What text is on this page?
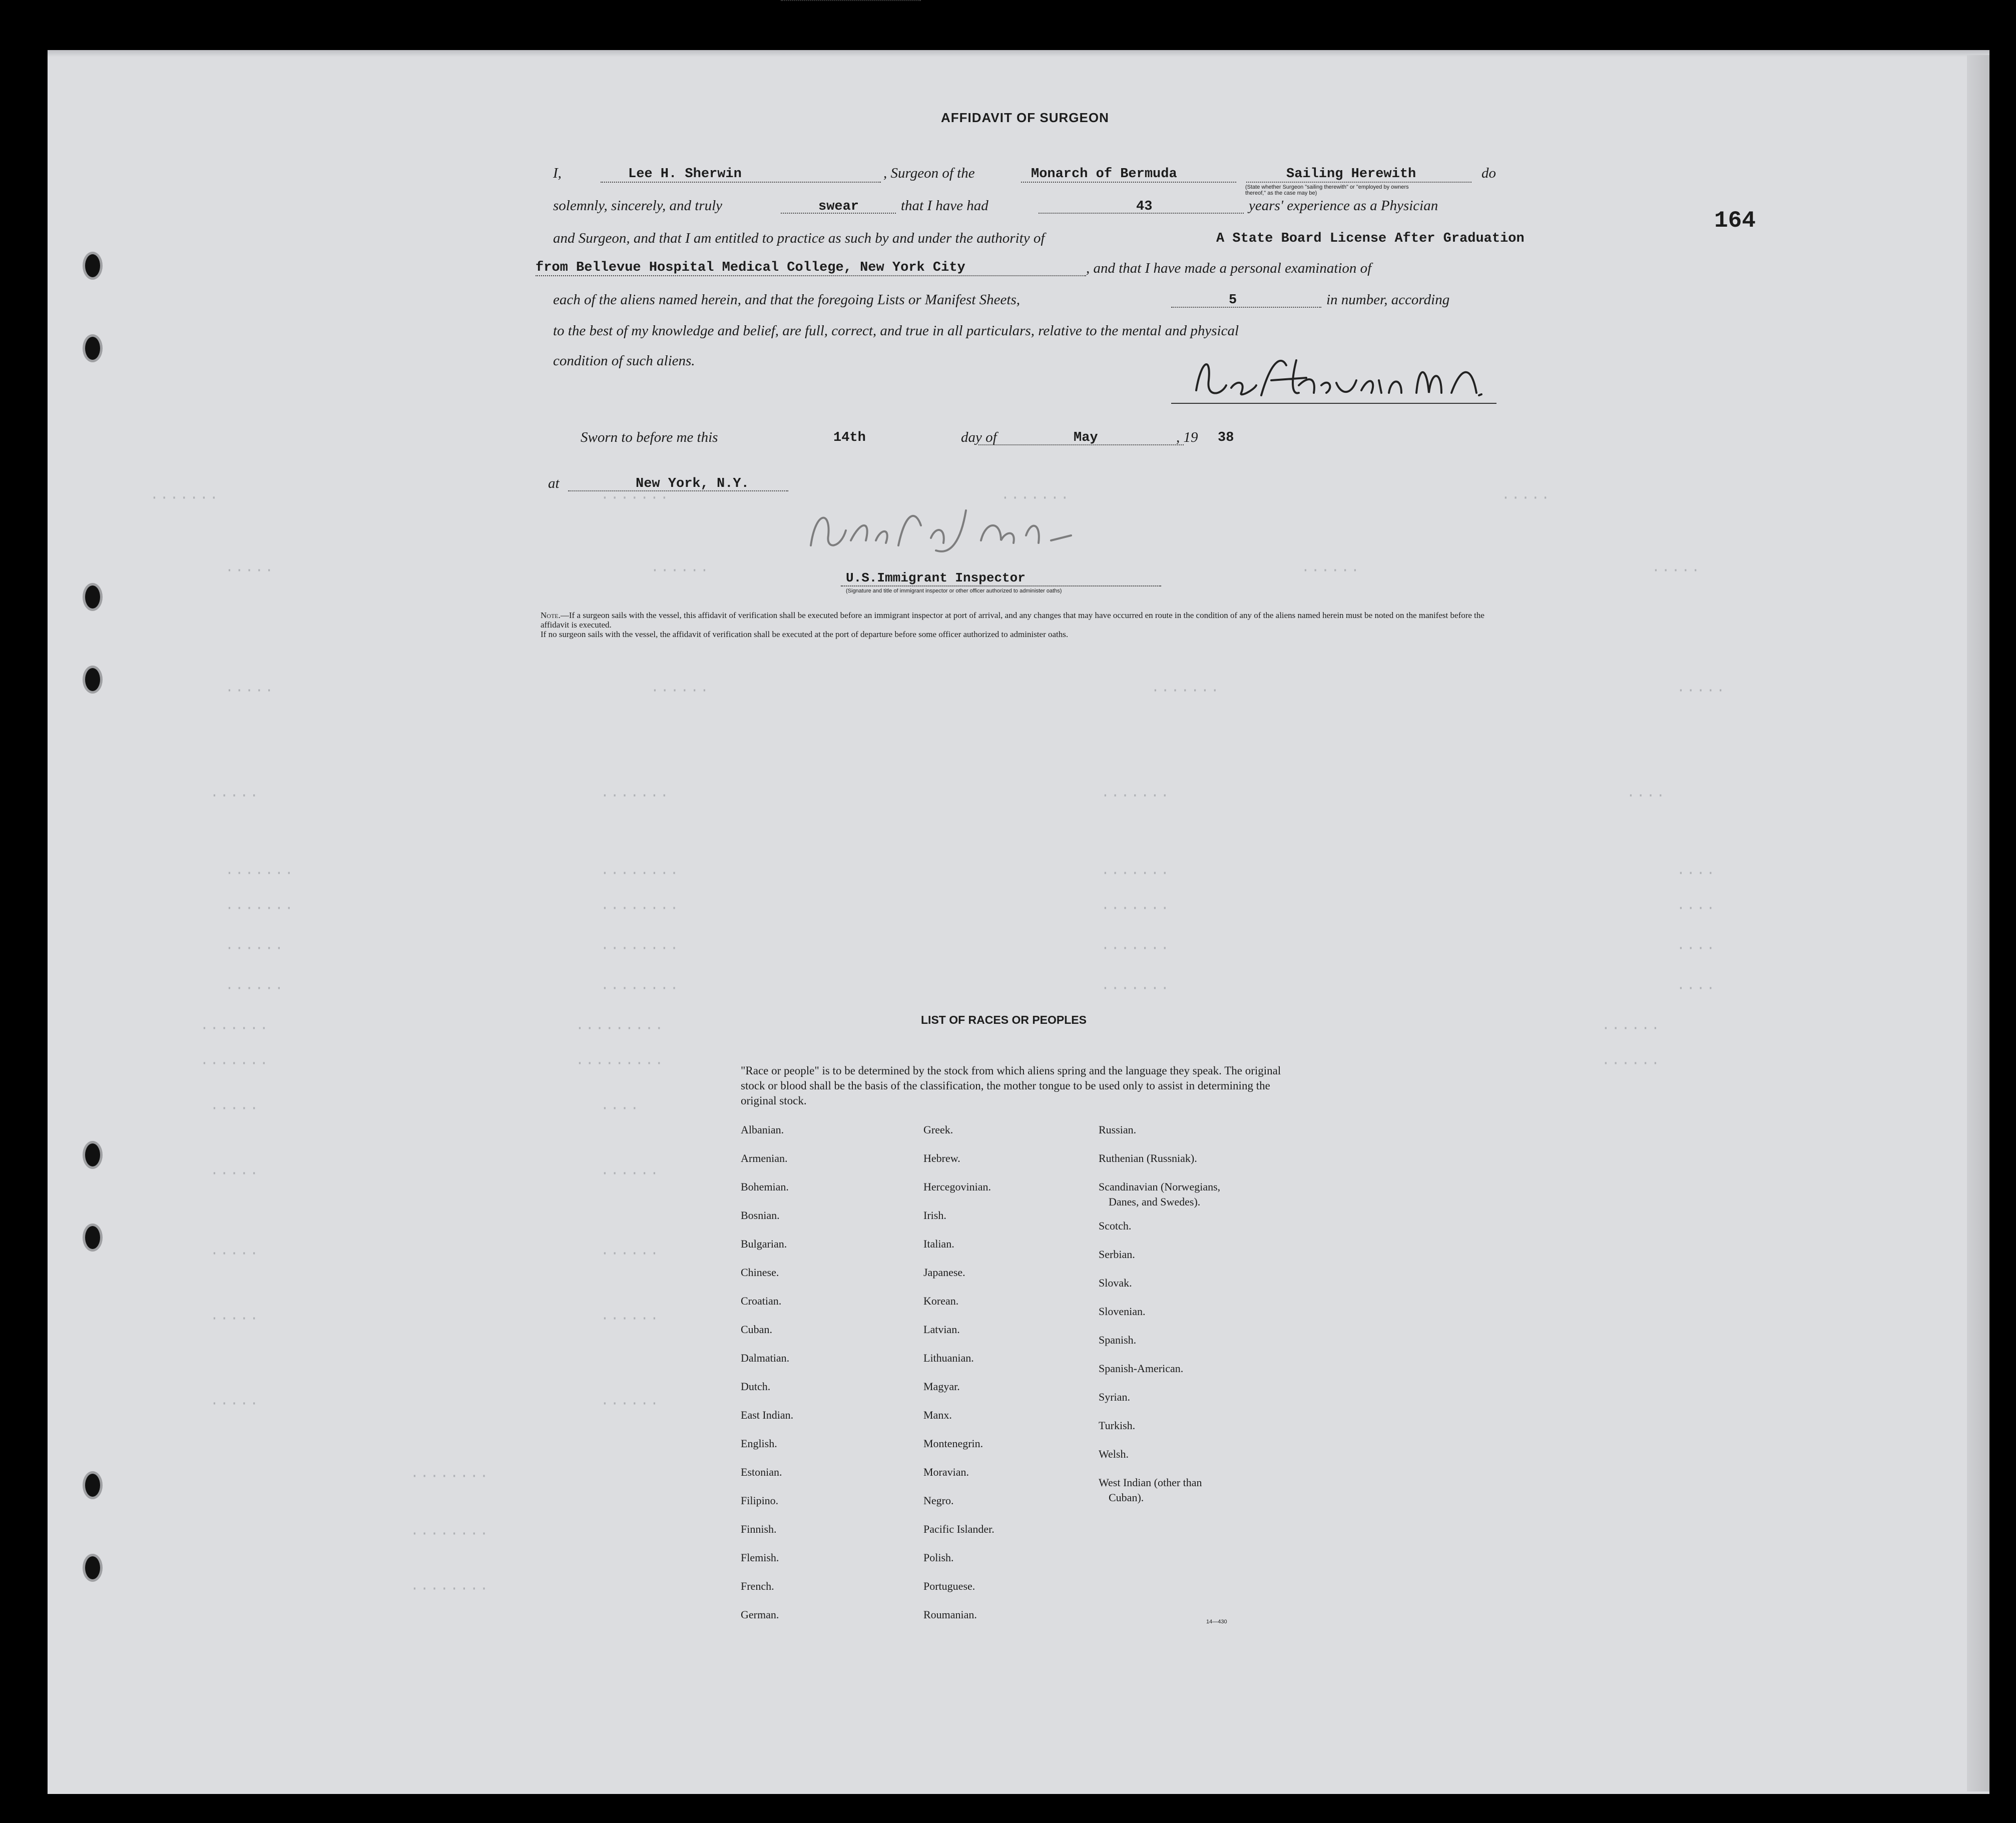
·······	·······	·······	·····
·····	······	······	·····
·····	······	·······	·····
·····	·······	·······	····
·······	········	·······	····
·······	········	·······	····
······	········	·······	····
······	········	·······	····
·······	·········	······
·······	·········	······
·····	····
·····	······
·····	······
·····	······
·····	······
········
········
········
AFFIDAVIT OF SURGEON
164
I,	Lee H. Sherwin	, Surgeon of the	Monarch of Bermuda	Sailing Herewith	do
(State whether Surgeon "sailing therewith" or "employed by owners thereof," as the case may be)
solemnly, sincerely, and truly	swear	that I have had	43	years' experience as a Physician
and Surgeon, and that I am entitled to practice as such by and under the authority of	A State Board License After Graduation
from Bellevue Hospital Medical College, New York City	, and that I have made a personal examination of
each of the aliens named herein, and that the foregoing Lists or Manifest Sheets,	5	in number, according
to the best of my knowledge and belief, are full, correct, and true in all particulars, relative to the mental and physical
condition of such aliens.
Sworn to before me this	14th	day of	May	, 19 38
at	New York, N.Y.
U.S.Immigrant Inspector
(Signature and title of immigrant inspector or other officer authorized to administer oaths)
Note.—If a surgeon sails with the vessel, this affidavit of verification shall be executed before an immigrant inspector at port of arrival, and any changes that may have occurred en route in the condition of any of the aliens named herein must be noted on the manifest before the affidavit is executed.
If no surgeon sails with the vessel, the affidavit of verification shall be executed at the port of departure before some officer authorized to administer oaths.
LIST OF RACES OR PEOPLES
"Race or people" is to be determined by the stock from which aliens spring and the language they speak. The original stock or blood shall be the basis of the classification, the mother tongue to be used only to assist in determining the original stock.
Albanian.
Armenian.
Bohemian.
Bosnian.
Bulgarian.
Chinese.
Croatian.
Cuban.
Dalmatian.
Dutch.
East Indian.
English.
Estonian.
Filipino.
Finnish.
Flemish.
French.
German.
Greek.
Hebrew.
Hercegovinian.
Irish.
Italian.
Japanese.
Korean.
Latvian.
Lithuanian.
Magyar.
Manx.
Montenegrin.
Moravian.
Negro.
Pacific Islander.
Polish.
Portuguese.
Roumanian.
Russian.
Ruthenian (Russniak).
Scandinavian (Norwegians,
Danes, and Swedes).
Scotch.
Serbian.
Slovak.
Slovenian.
Spanish.
Spanish-American.
Syrian.
Turkish.
Welsh.
West Indian (other than
Cuban).
14—430
